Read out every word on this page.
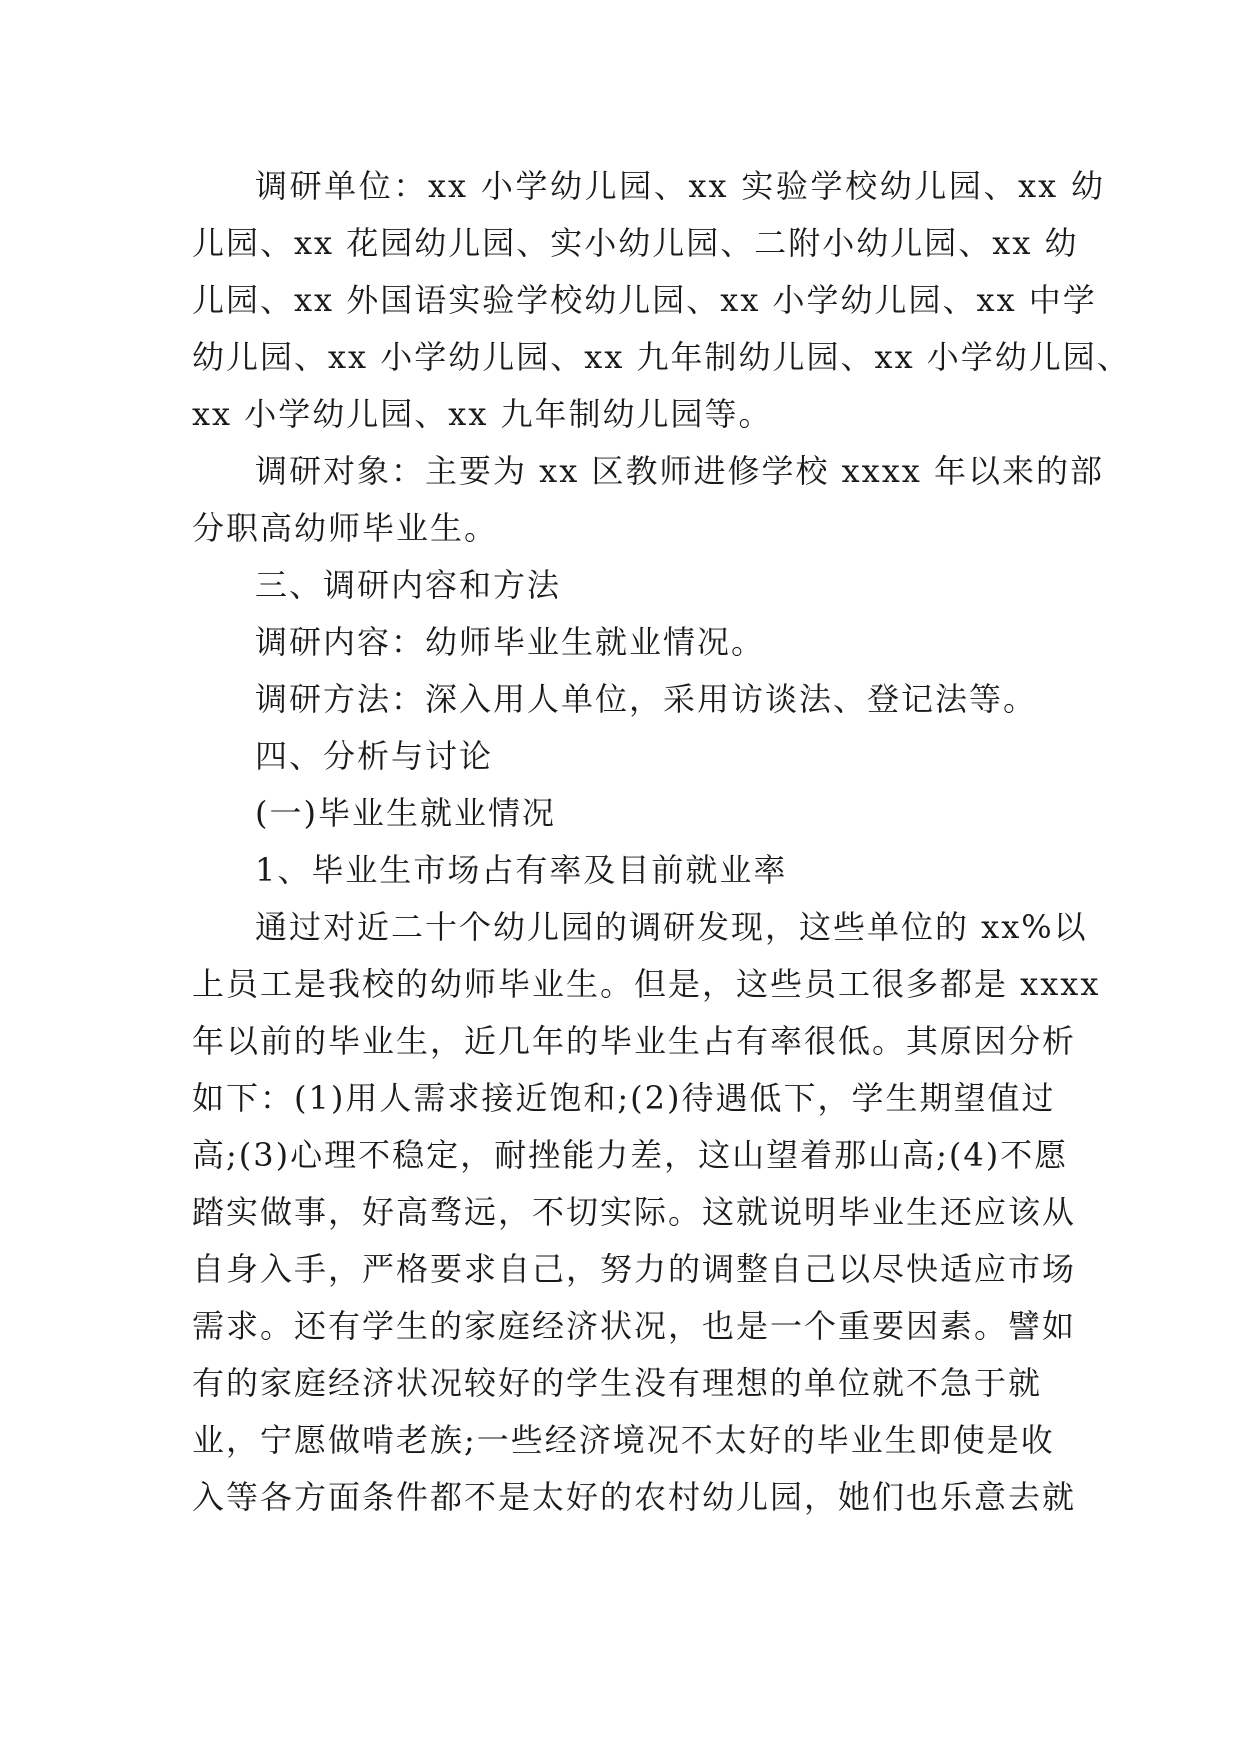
调研单位：xx 小学幼儿园、xx 实验学校幼儿园、xx 幼
儿园、xx 花园幼儿园、实小幼儿园、二附小幼儿园、xx 幼
儿园、xx 外国语实验学校幼儿园、xx 小学幼儿园、xx 中学
幼儿园、xx 小学幼儿园、xx 九年制幼儿园、xx 小学幼儿园、
xx 小学幼儿园、xx 九年制幼儿园等。
调研对象：主要为 xx 区教师进修学校 xxxx 年以来的部
分职高幼师毕业生。
三、调研内容和方法
调研内容：幼师毕业生就业情况。
调研方法：深入用人单位，采用访谈法、登记法等。
四、分析与讨论
(一)毕业生就业情况
1、毕业生市场占有率及目前就业率
通过对近二十个幼儿园的调研发现，这些单位的 xx%以
上员工是我校的幼师毕业生。但是，这些员工很多都是 xxxx
年以前的毕业生，近几年的毕业生占有率很低。其原因分析
如下：(1)用人需求接近饱和;(2)待遇低下，学生期望值过
高;(3)心理不稳定，耐挫能力差，这山望着那山高;(4)不愿
踏实做事，好高骛远，不切实际。这就说明毕业生还应该从
自身入手，严格要求自己，努力的调整自己以尽快适应市场
需求。还有学生的家庭经济状况，也是一个重要因素。譬如
有的家庭经济状况较好的学生没有理想的单位就不急于就
业，宁愿做啃老族;一些经济境况不太好的毕业生即使是收
入等各方面条件都不是太好的农村幼儿园，她们也乐意去就
